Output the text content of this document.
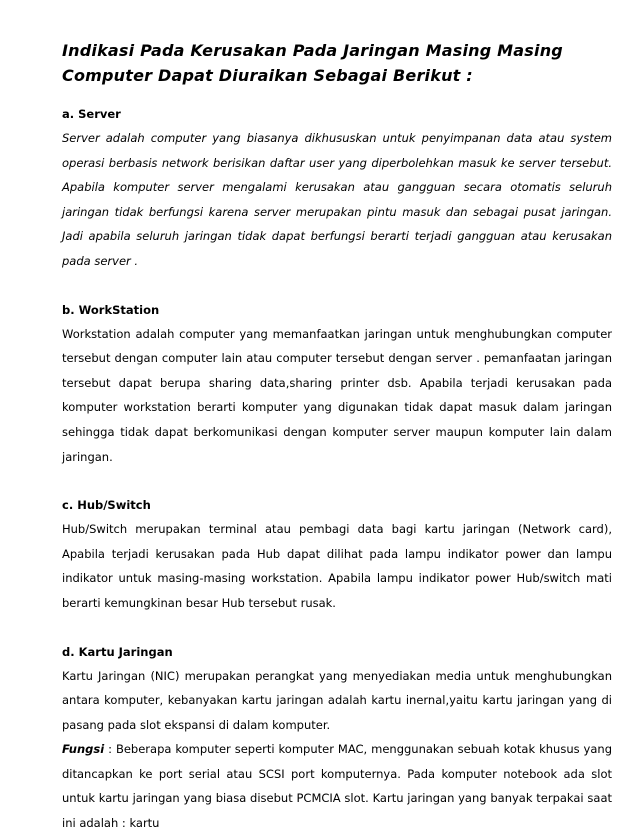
Indikasi Pada Kerusakan Pada Jaringan Masing Masing Computer Dapat Diuraikan Sebagai Berikut :
a. Server

Server adalah computer yang biasanya dikhususkan untuk penyimpanan data atau system operasi berbasis network berisikan daftar user yang diperbolehkan masuk ke server tersebut. Apabila komputer server mengalami kerusakan atau gangguan secara otomatis seluruh jaringan tidak berfungsi karena server merupakan pintu masuk dan sebagai pusat jaringan. Jadi apabila seluruh jaringan tidak dapat berfungsi berarti terjadi gangguan atau kerusakan pada server .

b. WorkStation

Workstation adalah computer yang memanfaatkan jaringan untuk menghubungkan computer tersebut dengan computer lain atau computer tersebut dengan server . pemanfaatan jaringan tersebut dapat berupa sharing data,sharing printer dsb. Apabila terjadi kerusakan pada komputer workstation berarti komputer yang digunakan tidak dapat masuk dalam jaringan sehingga tidak dapat berkomunikasi dengan komputer server maupun komputer lain dalam jaringan.

c. Hub/Switch

Hub/Switch merupakan terminal atau pembagi data bagi kartu jaringan (Network card), Apabila terjadi kerusakan pada Hub dapat dilihat pada lampu indikator power dan lampu indikator untuk masing-masing workstation. Apabila lampu indikator power Hub/switch mati berarti kemungkinan besar Hub tersebut rusak.

d. Kartu Jaringan

Kartu Jaringan (NIC) merupakan perangkat yang menyediakan media untuk menghubungkan antara komputer, kebanyakan kartu jaringan adalah kartu inernal,yaitu kartu jaringan yang di pasang pada slot ekspansi di dalam komputer.

Fungsi : Beberapa komputer seperti komputer MAC, menggunakan sebuah kotak khusus yang ditancapkan ke port serial atau SCSI port komputernya. Pada komputer notebook ada slot untuk kartu jaringan yang biasa disebut PCMCIA slot. Kartu jaringan yang banyak terpakai saat ini adalah : kartu
